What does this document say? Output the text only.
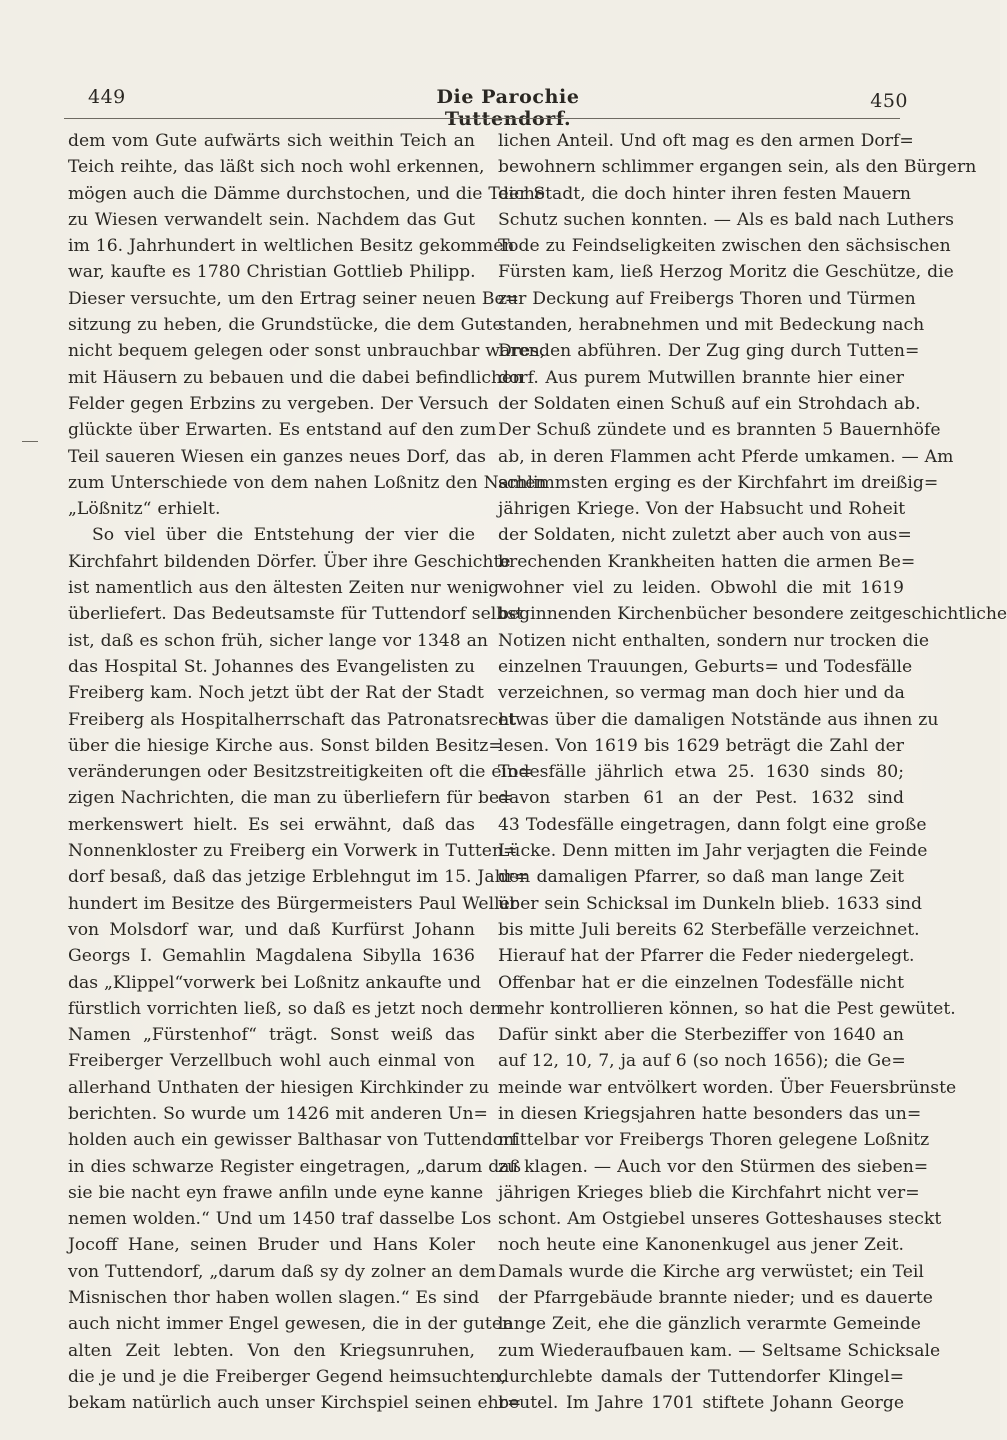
449	Die Parochie Tuttendorf.
450
dem vom Gute aufwärts sich weithin Teich an
Teich reihte, das läßt sich noch wohl erkennen,
mögen auch die Dämme durchstochen, und die Teiche
zu Wiesen verwandelt sein. Nachdem das Gut
im 16. Jahrhundert in weltlichen Besitz gekommen
war, kaufte es 1780 Christian Gottlieb Philipp.
Dieser versuchte, um den Ertrag seiner neuen Be=
sitzung zu heben, die Grundstücke, die dem Gute
nicht bequem gelegen oder sonst unbrauchbar waren,
mit Häusern zu bebauen und die dabei befindlichen
Felder gegen Erbzins zu vergeben. Der Versuch
glückte über Erwarten. Es entstand auf den zum
Teil saueren Wiesen ein ganzes neues Dorf, das
zum Unterschiede von dem nahen Loßnitz den Namen
„Lößnitz“ erhielt.
So viel über die Entstehung der vier die
Kirchfahrt bildenden Dörfer. Über ihre Geschichte
ist namentlich aus den ältesten Zeiten nur wenig
überliefert. Das Bedeutsamste für Tuttendorf selbst
ist, daß es schon früh, sicher lange vor 1348 an
das Hospital St. Johannes des Evangelisten zu
Freiberg kam. Noch jetzt übt der Rat der Stadt
Freiberg als Hospitalherrschaft das Patronatsrecht
über die hiesige Kirche aus. Sonst bilden Besitz=
veränderungen oder Besitzstreitigkeiten oft die ein=
zigen Nachrichten, die man zu überliefern für be=
merkenswert hielt. Es sei erwähnt, daß das
Nonnenkloster zu Freiberg ein Vorwerk in Tutten=
dorf besaß, daß das jetzige Erblehngut im 15. Jahr=
hundert im Besitze des Bürgermeisters Paul Weller
von Molsdorf war, und daß Kurfürst Johann
Georgs I. Gemahlin Magdalena Sibylla 1636
das „Klippel“vorwerk bei Loßnitz ankaufte und
fürstlich vorrichten ließ, so daß es jetzt noch den
Namen „Fürstenhof“ trägt. Sonst weiß das
Freiberger Verzellbuch wohl auch einmal von
allerhand Unthaten der hiesigen Kirchkinder zu
berichten. So wurde um 1426 mit anderen Un=
holden auch ein gewisser Balthasar von Tuttendorf
in dies schwarze Register eingetragen, „darum daß
sie bie nacht eyn frawe anfiln unde eyne kanne
nemen wolden.“ Und um 1450 traf dasselbe Los
Jocoff Hane, seinen Bruder und Hans Koler
von Tuttendorf, „darum daß sy dy zolner an dem
Misnischen thor haben wollen slagen.“ Es sind
auch nicht immer Engel gewesen, die in der guten
alten Zeit lebten. Von den Kriegsunruhen,
die je und je die Freiberger Gegend heimsuchten,
bekam natürlich auch unser Kirchspiel seinen ehr=
lichen Anteil. Und oft mag es den armen Dorf=
bewohnern schlimmer ergangen sein, als den Bürgern
der Stadt, die doch hinter ihren festen Mauern
Schutz suchen konnten. — Als es bald nach Luthers
Tode zu Feindseligkeiten zwischen den sächsischen
Fürsten kam, ließ Herzog Moritz die Geschütze, die
zur Deckung auf Freibergs Thoren und Türmen
standen, herabnehmen und mit Bedeckung nach
Dresden abführen. Der Zug ging durch Tutten=
dorf. Aus purem Mutwillen brannte hier einer
der Soldaten einen Schuß auf ein Strohdach ab.
Der Schuß zündete und es brannten 5 Bauernhöfe
ab, in deren Flammen acht Pferde umkamen. — Am
schlimmsten erging es der Kirchfahrt im dreißig=
jährigen Kriege. Von der Habsucht und Roheit
der Soldaten, nicht zuletzt aber auch von aus=
brechenden Krankheiten hatten die armen Be=
wohner viel zu leiden. Obwohl die mit 1619
beginnenden Kirchenbücher besondere zeitgeschichtliche
Notizen nicht enthalten, sondern nur trocken die
einzelnen Trauungen, Geburts= und Todesfälle
verzeichnen, so vermag man doch hier und da
etwas über die damaligen Notstände aus ihnen zu
lesen. Von 1619 bis 1629 beträgt die Zahl der
Todesfälle jährlich etwa 25. 1630 sinds 80;
davon starben 61 an der Pest. 1632 sind
43 Todesfälle eingetragen, dann folgt eine große
Lücke. Denn mitten im Jahr verjagten die Feinde
den damaligen Pfarrer, so daß man lange Zeit
über sein Schicksal im Dunkeln blieb. 1633 sind
bis mitte Juli bereits 62 Sterbefälle verzeichnet.
Hierauf hat der Pfarrer die Feder niedergelegt.
Offenbar hat er die einzelnen Todesfälle nicht
mehr kontrollieren können, so hat die Pest gewütet.
Dafür sinkt aber die Sterbeziffer von 1640 an
auf 12, 10, 7, ja auf 6 (so noch 1656); die Ge=
meinde war entvölkert worden. Über Feuersbrünste
in diesen Kriegsjahren hatte besonders das un=
mittelbar vor Freibergs Thoren gelegene Loßnitz
zu klagen. — Auch vor den Stürmen des sieben=
jährigen Krieges blieb die Kirchfahrt nicht ver=
schont. Am Ostgiebel unseres Gotteshauses steckt
noch heute eine Kanonenkugel aus jener Zeit.
Damals wurde die Kirche arg verwüstet; ein Teil
der Pfarrgebäude brannte nieder; und es dauerte
lange Zeit, ehe die gänzlich verarmte Gemeinde
zum Wiederaufbauen kam. — Seltsame Schicksale
durchlebte damals der Tuttendorfer Klingel=
beutel. Im Jahre 1701 stiftete Johann George
